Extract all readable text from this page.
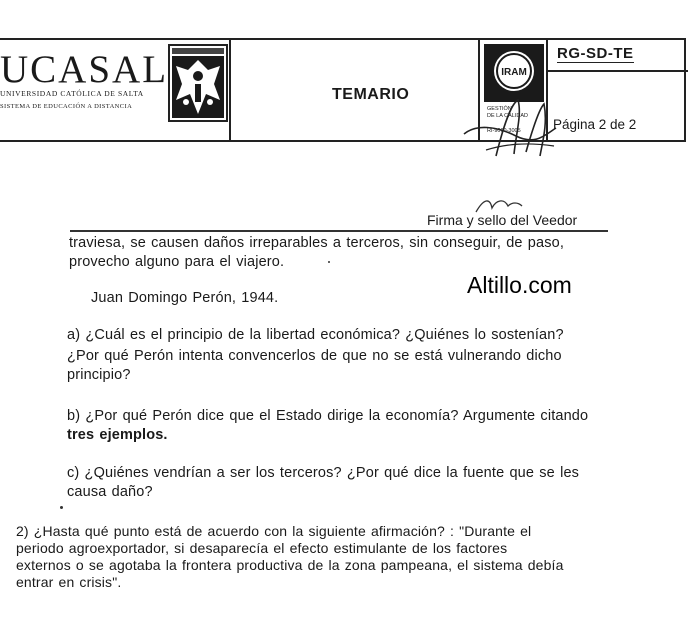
UCASAL
UNIVERSIDAD CATÓLICA DE SALTA
SISTEMA DE EDUCACIÓN A DISTANCIA
TEMARIO
IRAM
GESTIÓN
DE LA CALIDAD
RI-9000-3005
RG-SD-TE
Página 2 de 2
Firma y sello del Veedor
Altillo.com
traviesa, se causen daños irreparables a terceros, sin conseguir, de paso,
provecho alguno para el viajero.
Juan Domingo Perón, 1944.
a) ¿Cuál es el principio de la libertad económica? ¿Quiénes lo sostenían?
¿Por qué Perón intenta convencerlos de que no se está vulnerando dicho
principio?
b) ¿Por qué Perón dice que el Estado dirige la economía? Argumente citando
tres ejemplos.
c) ¿Quiénes vendrían a ser los terceros? ¿Por qué dice la fuente que se les
causa daño?
2) ¿Hasta qué punto está de acuerdo con la siguiente afirmación? : "Durante el
periodo agroexportador, si desaparecía el efecto estimulante de los factores
externos o se agotaba la frontera productiva de la zona pampeana, el sistema debía
entrar en crisis".
